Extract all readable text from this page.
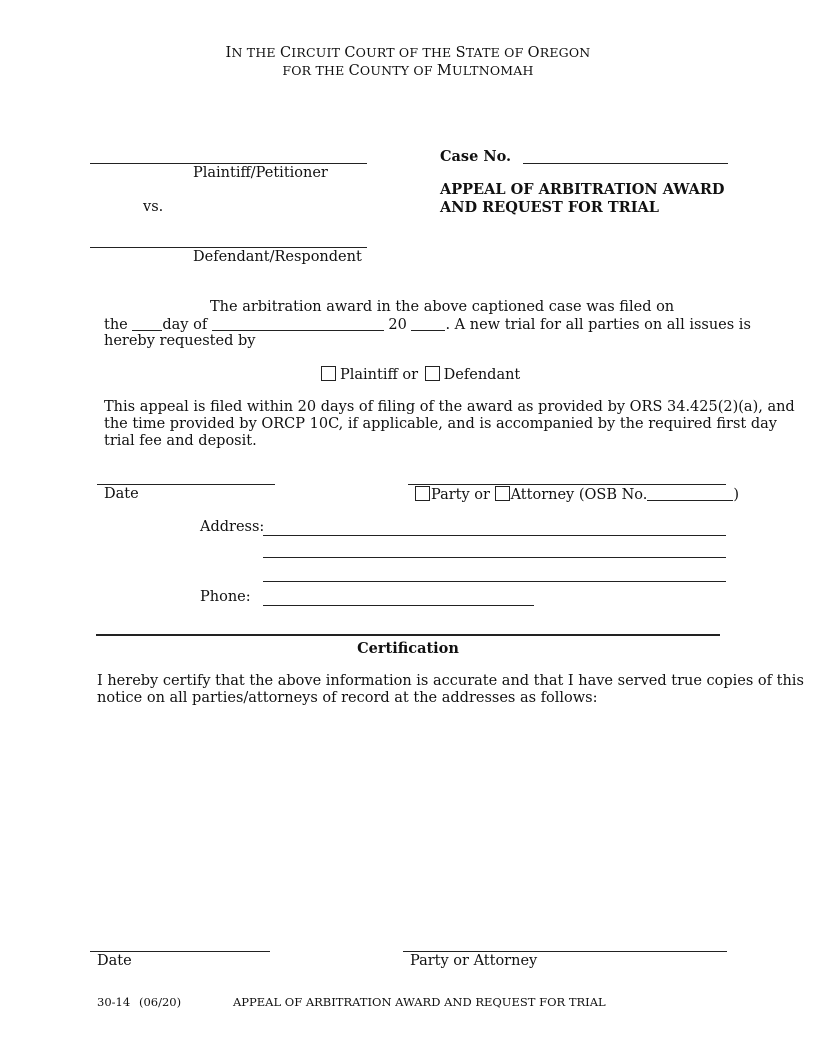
IN THE CIRCUIT COURT OF THE STATE OF OREGON
FOR THE COUNTY OF MULTNOMAH
Plaintiff/Petitioner
vs.
Defendant/Respondent
Case No.
APPEAL OF ARBITRATION AWARD
AND REQUEST FOR TRIAL
The arbitration award in the above captioned case was filed on
the day of	20	. A new trial for all parties on all issues is
hereby requested by
Plaintiff or Defendant
This appeal is filed within 20 days of filing of the award as provided by ORS 34.425(2)(a), and
the time provided by ORCP 10C, if applicable, and is accompanied by the required first day
trial fee and deposit.
Date	Party or Attorney (OSB No.	)
Address:
Phone:
Certification
I hereby certify that the above information is accurate and that I have served true copies of this
notice on all parties/attorneys of record at the addresses as follows:
Date	Party or Attorney
30-14 (06/20)	APPEAL OF ARBITRATION AWARD AND REQUEST FOR TRIAL
